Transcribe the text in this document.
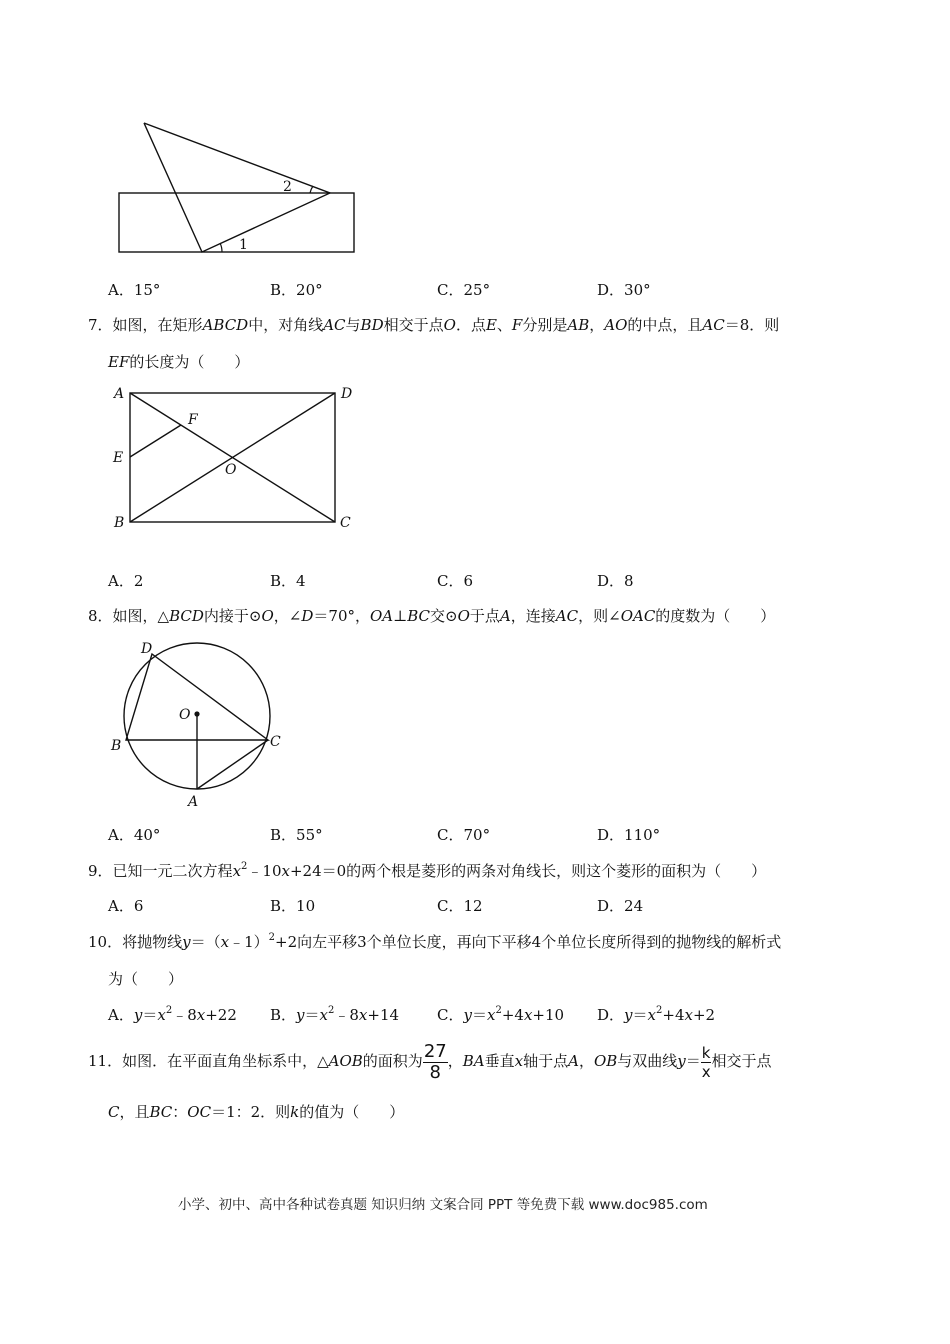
1
2
A．15°	B．20°	C．25°	D．30°
7．如图，在矩形ABCD中，对角线AC与BD相交于点O．点E、F分别是AB，AO的中点，且AC＝8．则
EF的长度为（　　）
A	D
E
F
O
B	C
A．2	B．4	C．6	D．8
8．如图，△BCD内接于⊙O，∠D＝70°，OA⊥BC交⊙O于点A，连接AC，则∠OAC的度数为（　　）
D
O
B	C
A
A．40°	B．55°	C．70°	D．110°
9．已知一元二次方程$x^2﹣10x+24=0$的两个根是菱形的两条对角线长，则这个菱形的面积为（　　）
A．6	B．10	C．12	D．24
10．将抛物线y＝（x﹣1）$^2$+2向左平移3个单位长度，再向下平移4个单位长度所得到的抛物线的解析式
为（　　）
A．$y=x^2﹣8x+22$ B．$y=x^2﹣8x+14$	C．$y=x^2+4x+10$ D．$y=x^2+4x+2$
11．如图．在平面直角坐标系中，△AOB的面积为 $\frac{27}{8}$ ，BA垂直x轴于点A，OB与双曲线$y= \frac{k}{x}$ 相交于点
C，且BC：OC＝1：2．则k的值为（　　）
小学、初中、高中各种试卷真题 知识归纳 文案合同 PPT 等免费下载 www.doc985.com
